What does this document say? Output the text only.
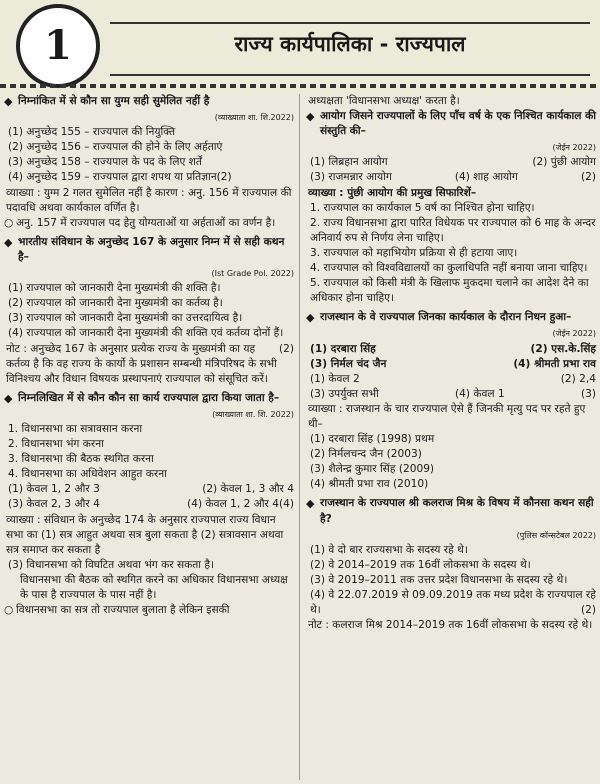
1	राज्य कार्यपालिका - राज्यपाल
◆ निम्नांकित में से कौन सा युग्म सही सुमेलित नहीं है
(व्याख्याता शा. शि.2022)
(1) अनुच्छेद 155 – राज्यपाल की नियुक्ति
(2) अनुच्छेद 156 – राज्यपाल की होने के लिए अर्हताएं
(3) अनुच्छेद 158 – राज्यपाल के पद के लिए शर्तें
(4) अनुच्छेद 159 – राज्यपाल द्वारा शपथ या प्रतिज्ञान(2)
व्याख्या : युग्म 2 गलत सुमेलित नहीं है कारण : अनु. 156 में राज्यपाल की पदावधि अथवा कार्यकाल वर्णित है।
○ अनु. 157 में राज्यपाल पद हेतु योग्यताओं या अर्हताओं का वर्णन है।
◆ भारतीय संविधान के अनुच्छेद 167 के अनुसार निम्न में से सही कथन है–
(Ist Grade Pol. 2022)
(1) राज्यपाल को जानकारी देना मुख्यमंत्री की शक्ति है।
(2) राज्यपाल को जानकारी देना मुख्यमंत्री का कर्तव्य है।
(3) राज्यपाल को जानकारी देना मुख्यमंत्री का उत्तरदायित्व है।
(4) राज्यपाल को जानकारी देना मुख्यमंत्री की शक्ति एवं कर्तव्य दोनों हैं।
(2)
नोट : अनुच्छेद 167 के अनुसार प्रत्येक राज्य के मुख्यमंत्री का यह कर्तव्य है कि वह राज्य के कार्यो के प्रशासन सम्बन्धी मंत्रिपरिषद के सभी विनिश्चय और विधान विषयक प्रस्थापनाएं राज्यपाल को संसूचित करें।
◆ निम्नलिखित में से कौन कौन सा कार्य राज्यपाल द्वारा किया जाता है–
(व्याख्याता शा. शि. 2022)
1. विधानसभा का सत्रावसान करना
2. विधानसभा भंग करना
3. विधानसभा की बैठक स्थगित करना
4. विधानसभा का अधिवेशन आहुत करना
(1) केवल 1, 2 और 3	(2) केवल 1, 3 और 4
(3) केवल 2, 3 और 4	(4) केवल 1, 2 और 4(4)
व्याख्या : संविधान के अनुच्छेद 174 के अनुसार राज्यपाल राज्य विधान सभा का (1) सत्र आहुत अथवा सत्र बुला सकता है (2) सत्रावसान अथवा सत्र समाप्त कर सकता है
(3) विधानसभा को विघटित अथवा भंग कर सकता है।
विधानसभा की बैठक को स्थगित करने का अधिकार विधानसभा अध्यक्ष के पास है राज्यपाल के पास नहीं है।
○ विधानसभा का सत्र तो राज्यपाल बुलाता है लेकिन इसकी
अध्यक्षता 'विधानसभा अध्यक्ष' करता है।
◆ आयोग जिसने राज्यपालों के लिए पाँच वर्ष के एक निश्चित कार्यकाल की संस्तुति की–
(जेईन 2022)
(1) लिब्रहान आयोग	(2) पुंछी आयोग
(3) राजमन्नार आयोग	(4) शाह आयोग	(2)
व्याख्या : पुंछी आयोग की प्रमुख सिफारिशें–
1. राज्यपाल का कार्यकाल 5 वर्ष का निश्चित होना चाहिए।
2. राज्य विधानसभा द्वारा पारित विधेयक पर राज्यपाल को 6 माह के अन्दर अनिवार्य रुप से निर्णय लेना चाहिए।
3. राज्यपाल को महाभियोग प्रक्रिया से ही हटाया जाए।
4. राज्यपाल को विश्वविद्यालयों का कुलाधिपति नहीं बनाया जाना चाहिए।
5. राज्यपाल को किसी मंत्री के खिलाफ मुकदमा चलाने का आदेश देने का अधिकार होना चाहिए।
◆ राजस्थान के वे राज्यपाल जिनका कार्यकाल के दौरान निधन हुआ–
(जेईन 2022)
(1) दरबारा सिंह	(2) एस.के.सिंह
(3) निर्मल चंद जैन	(4) श्रीमती प्रभा राव
(1) केवल 2	(2) 2,4
(3) उपर्युक्त सभी	(4) केवल 1	(3)
व्याख्या : राजस्थान के चार राज्यपाल ऐसे हैं जिनकी मृत्यु पद पर रहते हुए थी–
(1) दरबारा सिंह (1998) प्रथम
(2) निर्मलचन्द जैन (2003)
(3) शैलेन्द्र कुमार सिंह (2009)
(4) श्रीमती प्रभा राव (2010)
◆ राजस्थान के राज्यपाल श्री कलराज मिश्र के विषय में कौनसा कथन सही है?
(पुलिस कॉन्सटेबल 2022)
(1) वे दो बार राज्यसभा के सदस्य रहे थे।
(2) वे 2014–2019 तक 16वीं लोकसभा के सदस्य थे।
(3) वे 2019–2011 तक उत्तर प्रदेश विधानसभा के सदस्य रहे थे।
(4) वे 22.07.2019 से 09.09.2019 तक मध्य प्रदेश के राज्यपाल रहे थे।	(2)
नोट : कलराज मिश्र 2014–2019 तक 16वीं लोकसभा के सदस्य रहे थे।
